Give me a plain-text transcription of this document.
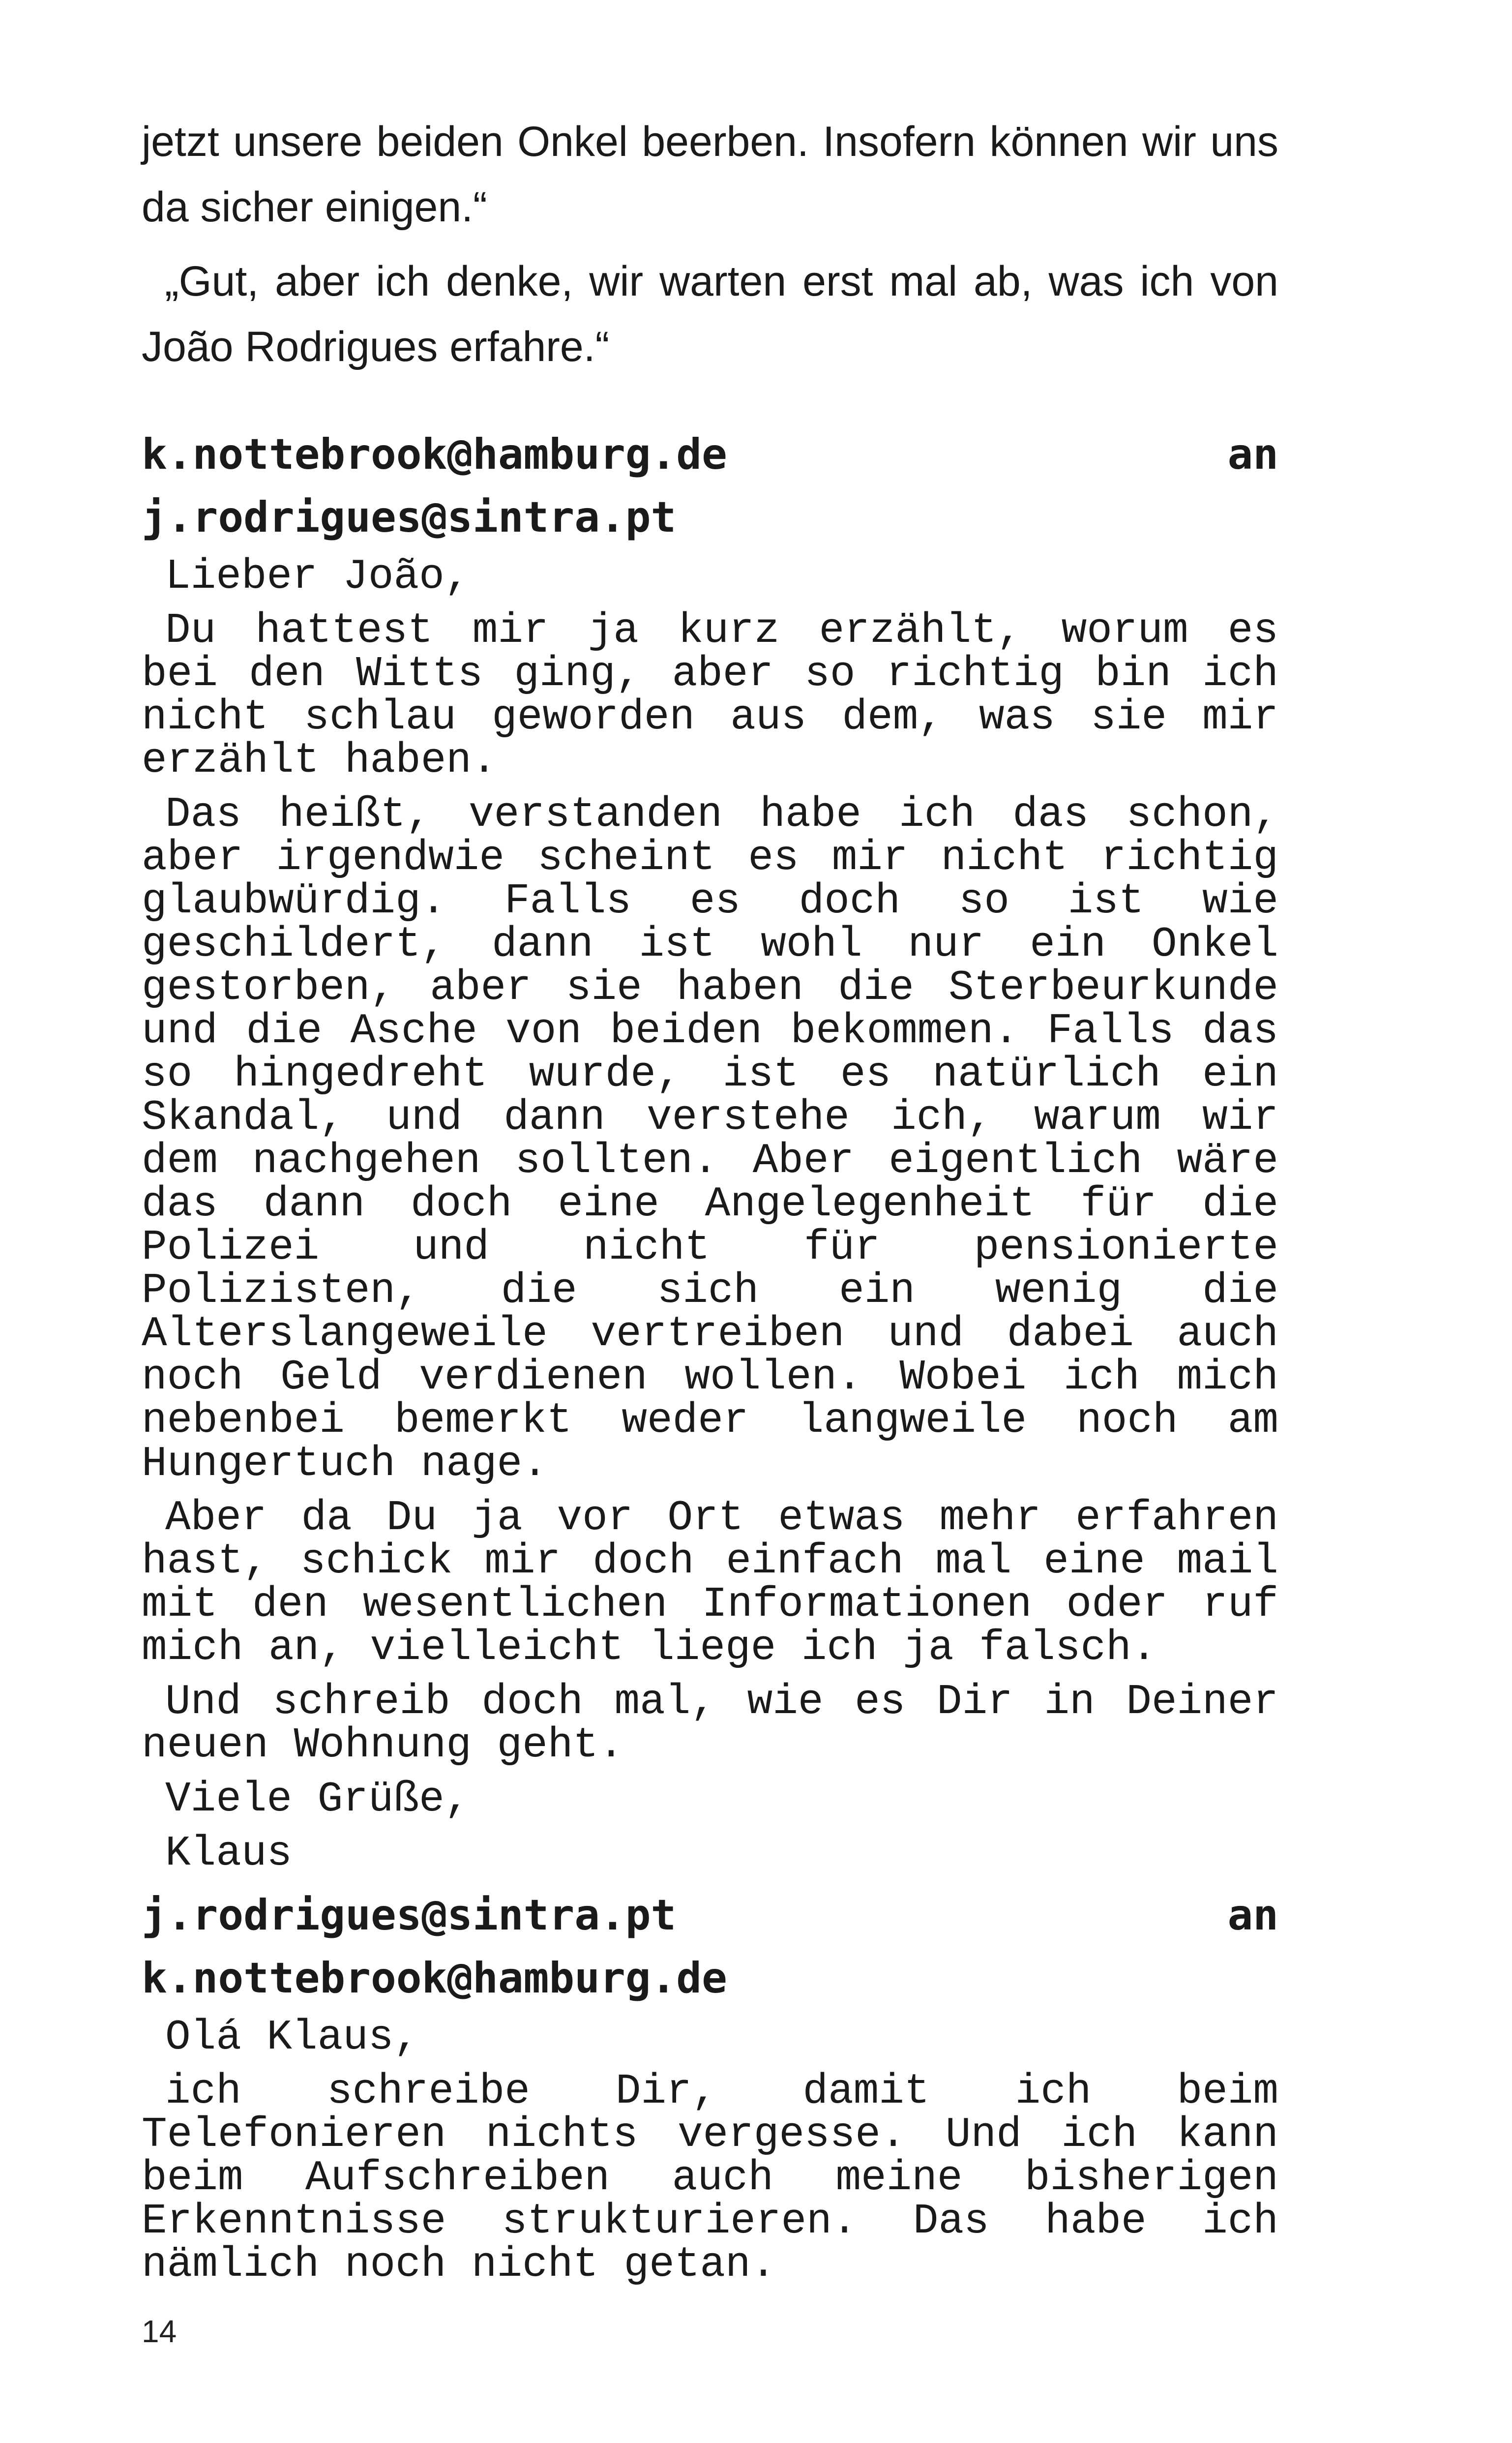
jetzt unsere beiden Onkel beerben. Insofern können wir uns da sicher einigen.“

„Gut, aber ich denke, wir warten erst mal ab, was ich von João Rodrigues erfahre.“

k.nottebrook@hamburg.de	an

j.rodrigues@sintra.pt

Lieber João,

Du hattest mir ja kurz erzählt, worum es bei den Witts ging, aber so richtig bin ich nicht schlau geworden aus dem, was sie mir erzählt haben.

Das heißt, verstanden habe ich das schon, aber irgendwie scheint es mir nicht richtig glaubwürdig. Falls es doch so ist wie geschildert, dann ist wohl nur ein Onkel gestorben, aber sie haben die Sterbeurkunde und die Asche von beiden bekommen. Falls das so hingedreht wurde, ist es natürlich ein Skandal, und dann verstehe ich, warum wir dem nachgehen sollten. Aber eigentlich wäre das dann doch eine Angelegenheit für die Polizei und nicht für pensionierte Polizisten, die sich ein wenig die Alterslangeweile vertreiben und dabei auch noch Geld verdienen wollen. Wobei ich mich nebenbei bemerkt weder langweile noch am Hungertuch nage.

Aber da Du ja vor Ort etwas mehr erfahren hast, schick mir doch einfach mal eine mail mit den wesentlichen Informationen oder ruf mich an, vielleicht liege ich ja falsch.

Und schreib doch mal, wie es Dir in Deiner neuen Wohnung geht.

Viele Grüße,

Klaus

j.rodrigues@sintra.pt	an

k.nottebrook@hamburg.de

Olá Klaus,

ich schreibe Dir, damit ich beim Telefonieren nichts vergesse. Und ich kann beim Aufschreiben auch meine bisherigen Erkenntnisse strukturieren. Das habe ich nämlich noch nicht getan.

14
